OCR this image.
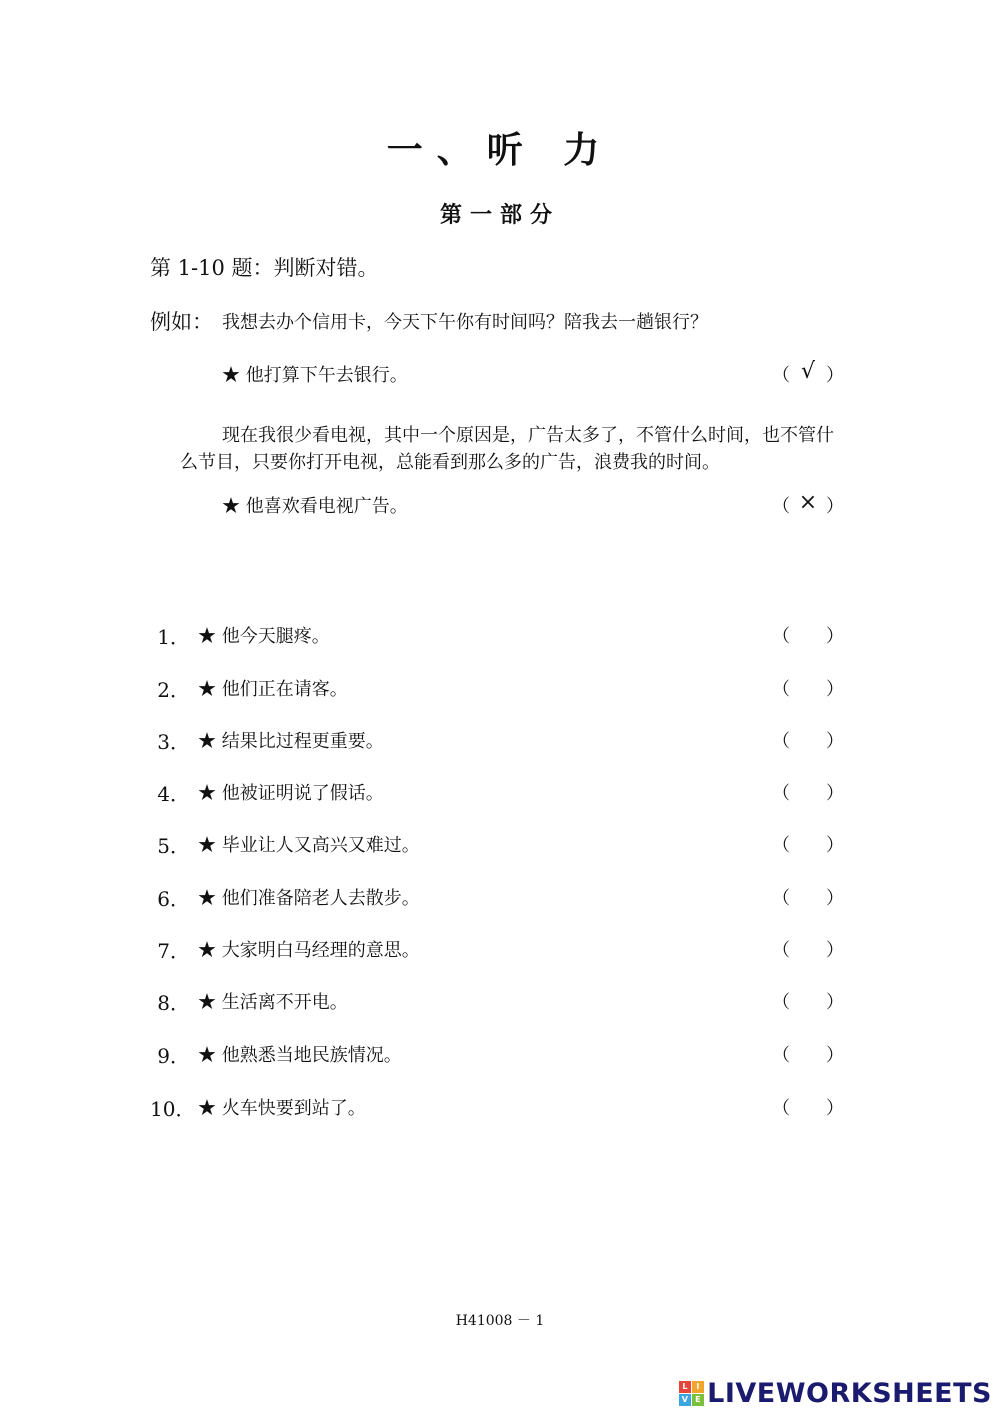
一、听 力
第一部分
第 1-10 题：判断对错。
例如： 我想去办个信用卡，今天下午你有时间吗？陪我去一趟银行？
★ 他打算下午去银行。	（ √ ）
现在我很少看电视，其中一个原因是，广告太多了，不管什么时间，也不管什么节目，只要你打开电视，总能看到那么多的广告，浪费我的时间。
★ 他喜欢看电视广告。	（ × ）
1． ★ 他今天腿疼。	（ ）
2． ★ 他们正在请客。	（ ）
3． ★ 结果比过程更重要。	（ ）
4． ★ 他被证明说了假话。	（ ）
5． ★ 毕业让人又高兴又难过。	（ ）
6． ★ 他们准备陪老人去散步。	（ ）
7． ★ 大家明白马经理的意思。	（ ）
8． ★ 生活离不开电。	（ ）
9． ★ 他熟悉当地民族情况。	（ ）
10． ★ 火车快要到站了。	（ ）
H41008 － 1
L	I
V E LIVEWORKSHEETS
